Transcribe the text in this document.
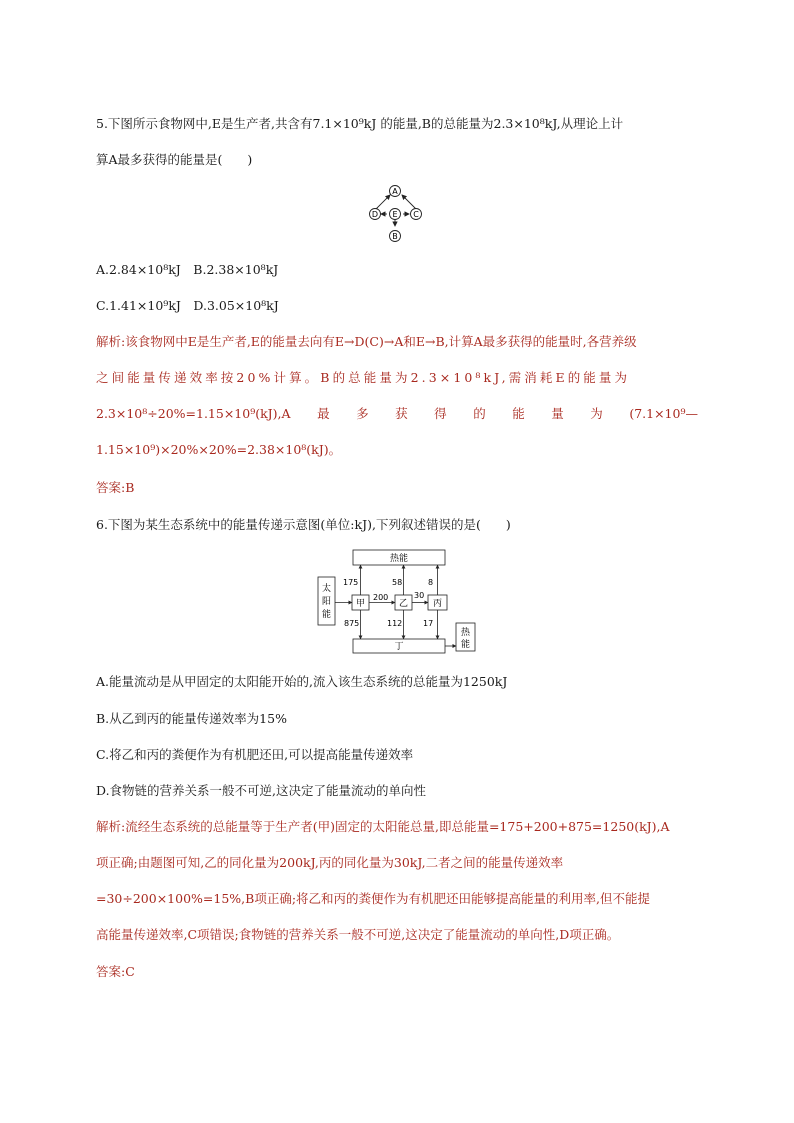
5.下图所示食物网中,E是生产者,共含有7.1×10⁹kJ 的能量,B的总能量为2.3×10⁸kJ,从理论上计
算A最多获得的能量是(　　)
A
D E C
B
A.2.84×10⁸kJ　B.2.38×10⁸kJ
C.1.41×10⁹kJ　D.3.05×10⁸kJ
解析:该食物网中E是生产者,E的能量去向有E→D(C)→A和E→B,计算A最多获得的能量时,各营养级
之间能量传递效率按20%计算。B的总能量为2.3×10⁸kJ,需消耗E的能量为
2.3×10⁸÷20%=1.15×10⁹(kJ),A 最 多 获 得 的 能 量 为 (7.1×10⁹—
1.15×10⁹)×20%×20%=2.38×10⁸(kJ)。
答案:B
6.下图为某生态系统中的能量传递示意图(单位:kJ),下列叙述错误的是(　　)
热能
太
阳
能
甲	乙	丙
丁
热
能
175	58	8
200	30
875	112	17
A.能量流动是从甲固定的太阳能开始的,流入该生态系统的总能量为1250kJ
B.从乙到丙的能量传递效率为15%
C.将乙和丙的粪便作为有机肥还田,可以提高能量传递效率
D.食物链的营养关系一般不可逆,这决定了能量流动的单向性
解析:流经生态系统的总能量等于生产者(甲)固定的太阳能总量,即总能量=175+200+875=1250(kJ),A
项正确;由题图可知,乙的同化量为200kJ,丙的同化量为30kJ,二者之间的能量传递效率
=30÷200×100%=15%,B项正确;将乙和丙的粪便作为有机肥还田能够提高能量的利用率,但不能提
高能量传递效率,C项错误;食物链的营养关系一般不可逆,这决定了能量流动的单向性,D项正确。
答案:C
